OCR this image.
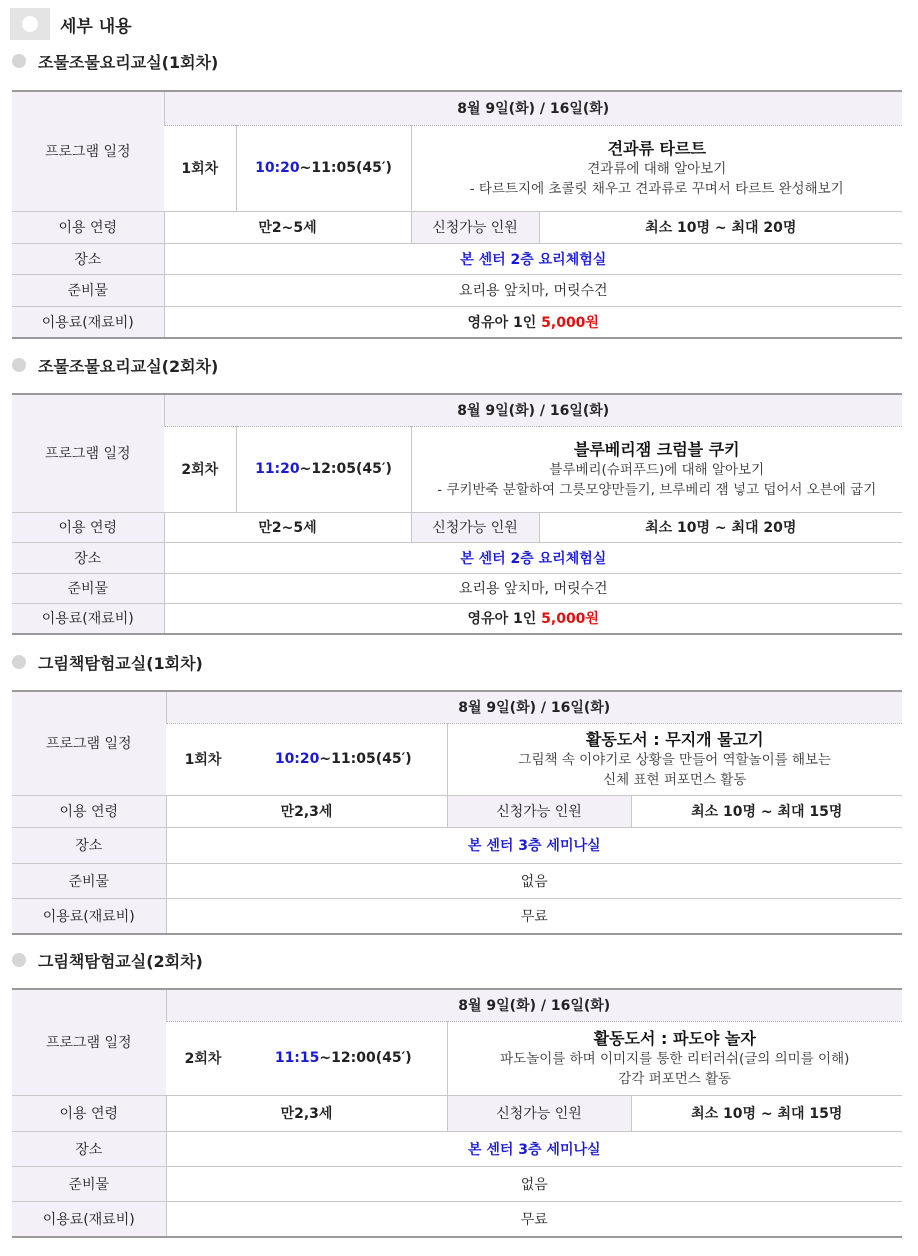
세부 내용
조물조물요리교실(1회차)
프로그램 일정	8월 9일(화) / 16일(화)			
	1회차	10:20~11:05(45′)	견과류 타르트
견과류에 대해 알아보기
- 타르트지에 초콜릿 채우고 견과류로 꾸며서 타르트 완성해보기	

이용 연령	만2~5세		신청가능 인원	최소 10명 ~ 최대 20명
장소	본 센터 2층 요리체험실			
준비물	요리용 앞치마, 머릿수건			
이용료(재료비)	영유아 1인 5,000원			
조물조물요리교실(2회차)
프로그램 일정	8월 9일(화) / 16일(화)			
	2회차	11:20~12:05(45′)	블루베리잼 크럼블 쿠키
블루베리(슈퍼푸드)에 대해 알아보기
- 쿠키반죽 분할하여 그릇모양만들기, 브루베리 잼 넣고 덥어서 오븐에 굽기	

이용 연령	만2~5세		신청가능 인원	최소 10명 ~ 최대 20명
장소	본 센터 2층 요리체험실			
준비물	요리용 앞치마, 머릿수건			
이용료(재료비)	영유아 1인 5,000원			
그림책탐험교실(1회차)
프로그램 일정	8월 9일(화) / 16일(화)			
	1회차	10:20~11:05(45′)	활동도서 : 무지개 물고기
그림책 속 이야기로 상황을 만들어 역할놀이를 해보는
신체 표현 퍼포먼스 활동	

이용 연령	만2,3세		신청가능 인원	최소 10명 ~ 최대 15명
장소	본 센터 3층 세미나실			
준비물	없음			
이용료(재료비)	무료			
그림책탐험교실(2회차)
프로그램 일정	8월 9일(화) / 16일(화)			
	2회차	11:15~12:00(45′)	활동도서 : 파도야 놀자
파도놀이를 하며 이미지를 통한 리터러쉬(글의 의미를 이해)
감각 퍼포먼스 활동	

이용 연령	만2,3세		신청가능 인원	최소 10명 ~ 최대 15명
장소	본 센터 3층 세미나실			
준비물	없음			
이용료(재료비)	무료			
